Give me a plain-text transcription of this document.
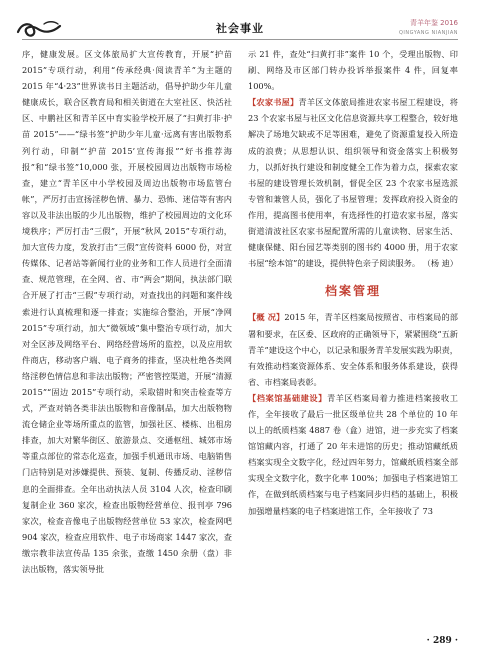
社会事业	青羊年鉴 2016
QINGYANG NIANJIAN

序，健康发展。区文体旅局扩大宣传教育，开展“护苗 2015”专项行动，利用“传承经典·阅读青羊”为主题的 2015 年“4·23”世界读书日主题活动，倡导护助少年儿童健康成长，联合区教育局和相关街道在大室社区、快活社区、中鹏社区和青羊区中育实验学校开展了“扫黄打非·护苗 2015”——“绿书签”护助少年儿童·远离有害出版物系列行动，印制“‘护苗 2015’宣传海报”“好书推荐海报”和“绿书签”10,000 张，开展校园周边出版物市场检查，建立“青羊区中小学校园及周边出版物市场监管台帐”，严厉打击宣扬淫秽色情、暴力、恐怖、迷信等有害内容以及非法出版的少儿出版物，维护了校园周边的文化环境秩序；严厉打击“三假”，开展“秋风 2015”专项行动，加大宣传力度，发放打击“三假”宣传资料 6000 份，对宣传媒体、记者站等新闻行业的业务和工作人员进行全面清查、规范管理，在全网、省、市“两会”期间，执法部门联合开展了打击“三假”专项行动，对查找出的问题和案件线索进行认真梳理和逐一排查；实施综合整治，开展“净网 2015”专项行动，加大“微领域”集中整治专项行动，加大对全区涉及网络平台、网络经营场所的监控，以及应用软件商店，移动客户端、电子商务的排查，坚决杜绝各类网络淫秽色情信息和非法出版物；严密管控渠道，开展“清源 2015”“固边 2015”专项行动，采取错时和突击检查等方式，严查对销各类非法出版物和音像制品，加大出版物物流仓储企业等场所重点的监管，加强社区、楼栋、出租房排查，加大对繁华街区、旅游景点、交通枢纽、城郊市场等重点部位的常态化巡查，加强手机通讯市场、电脑销售门店特别是对涉嫌提供、预装、复制、传播反动、淫秽信息的全面排查。全年出动执法人员 3104 人次，检查印刷复制企业 360 家次，检查出版物经营单位、报刊亭 796 家次，检查音像电子出版物经营单位 53 家次，检查网吧 904 家次，检查应用软件、电子市场商家 1447 家次，查缴宗教非法宣传品 135 余张，查缴 1450 余册（盘）非法出版物，落实领导批

示 21 件，查处“扫黄打非”案件 10 个，受理出版物、印刷、网络及市区部门转办投诉举报案件 4 件，回复率 100%。

【农家书屋】青羊区文体旅局推进农家书屋工程建设，将 23 个农家书屋与社区文化信息资源共享工程整合，较好地解决了场地欠缺或不足等困难，避免了资源重复投入所造成的浪费；从思想认识、组织领导和资金落实上积极努力，以抓好执行建设和制度健全工作为着力点，探索农家书屋的建设管理长效机制，督促全区 23 个农家书屋选派专管和兼管人员，强化了书屋管理；发挥政府投入资金的作用，提高图书使用率，有选择性的打造农家书屋，落实街道清波社区农家书屋配置所需的儿童读物、居家生活、健康保健、阳台园艺等类别的图书约 4000 册，用于农家书屋“绘本馆”的建设，提供特色亲子阅读服务。 （杨 迪）

档案管理

【概 况】2015 年，青羊区档案局按照省、市档案局的部署和要求，在区委、区政府的正确领导下，紧紧围绕“五新青羊”建设这个中心，以记录和服务青羊发展实践为职责，有效推动档案资源体系、安全体系和服务体系建设，获得省、市档案局表彰。

【档案馆基础建设】青羊区档案局着力推进档案接收工作，全年接收了最后一批区级单位共 28 个单位的 10 年以上的纸质档案 4887 卷（盒）进馆，进一步充实了档案馆馆藏内容，打通了 20 年未进馆的历史；推动馆藏纸质档案实现全文数字化，经过四年努力，馆藏纸质档案全部实现全文数字化，数字化率 100%；加强电子档案进馆工作，在做到纸质档案与电子档案同步归档的基础上，积极加强增量档案的电子档案进馆工作，全年接收了 73

· 289 ·
